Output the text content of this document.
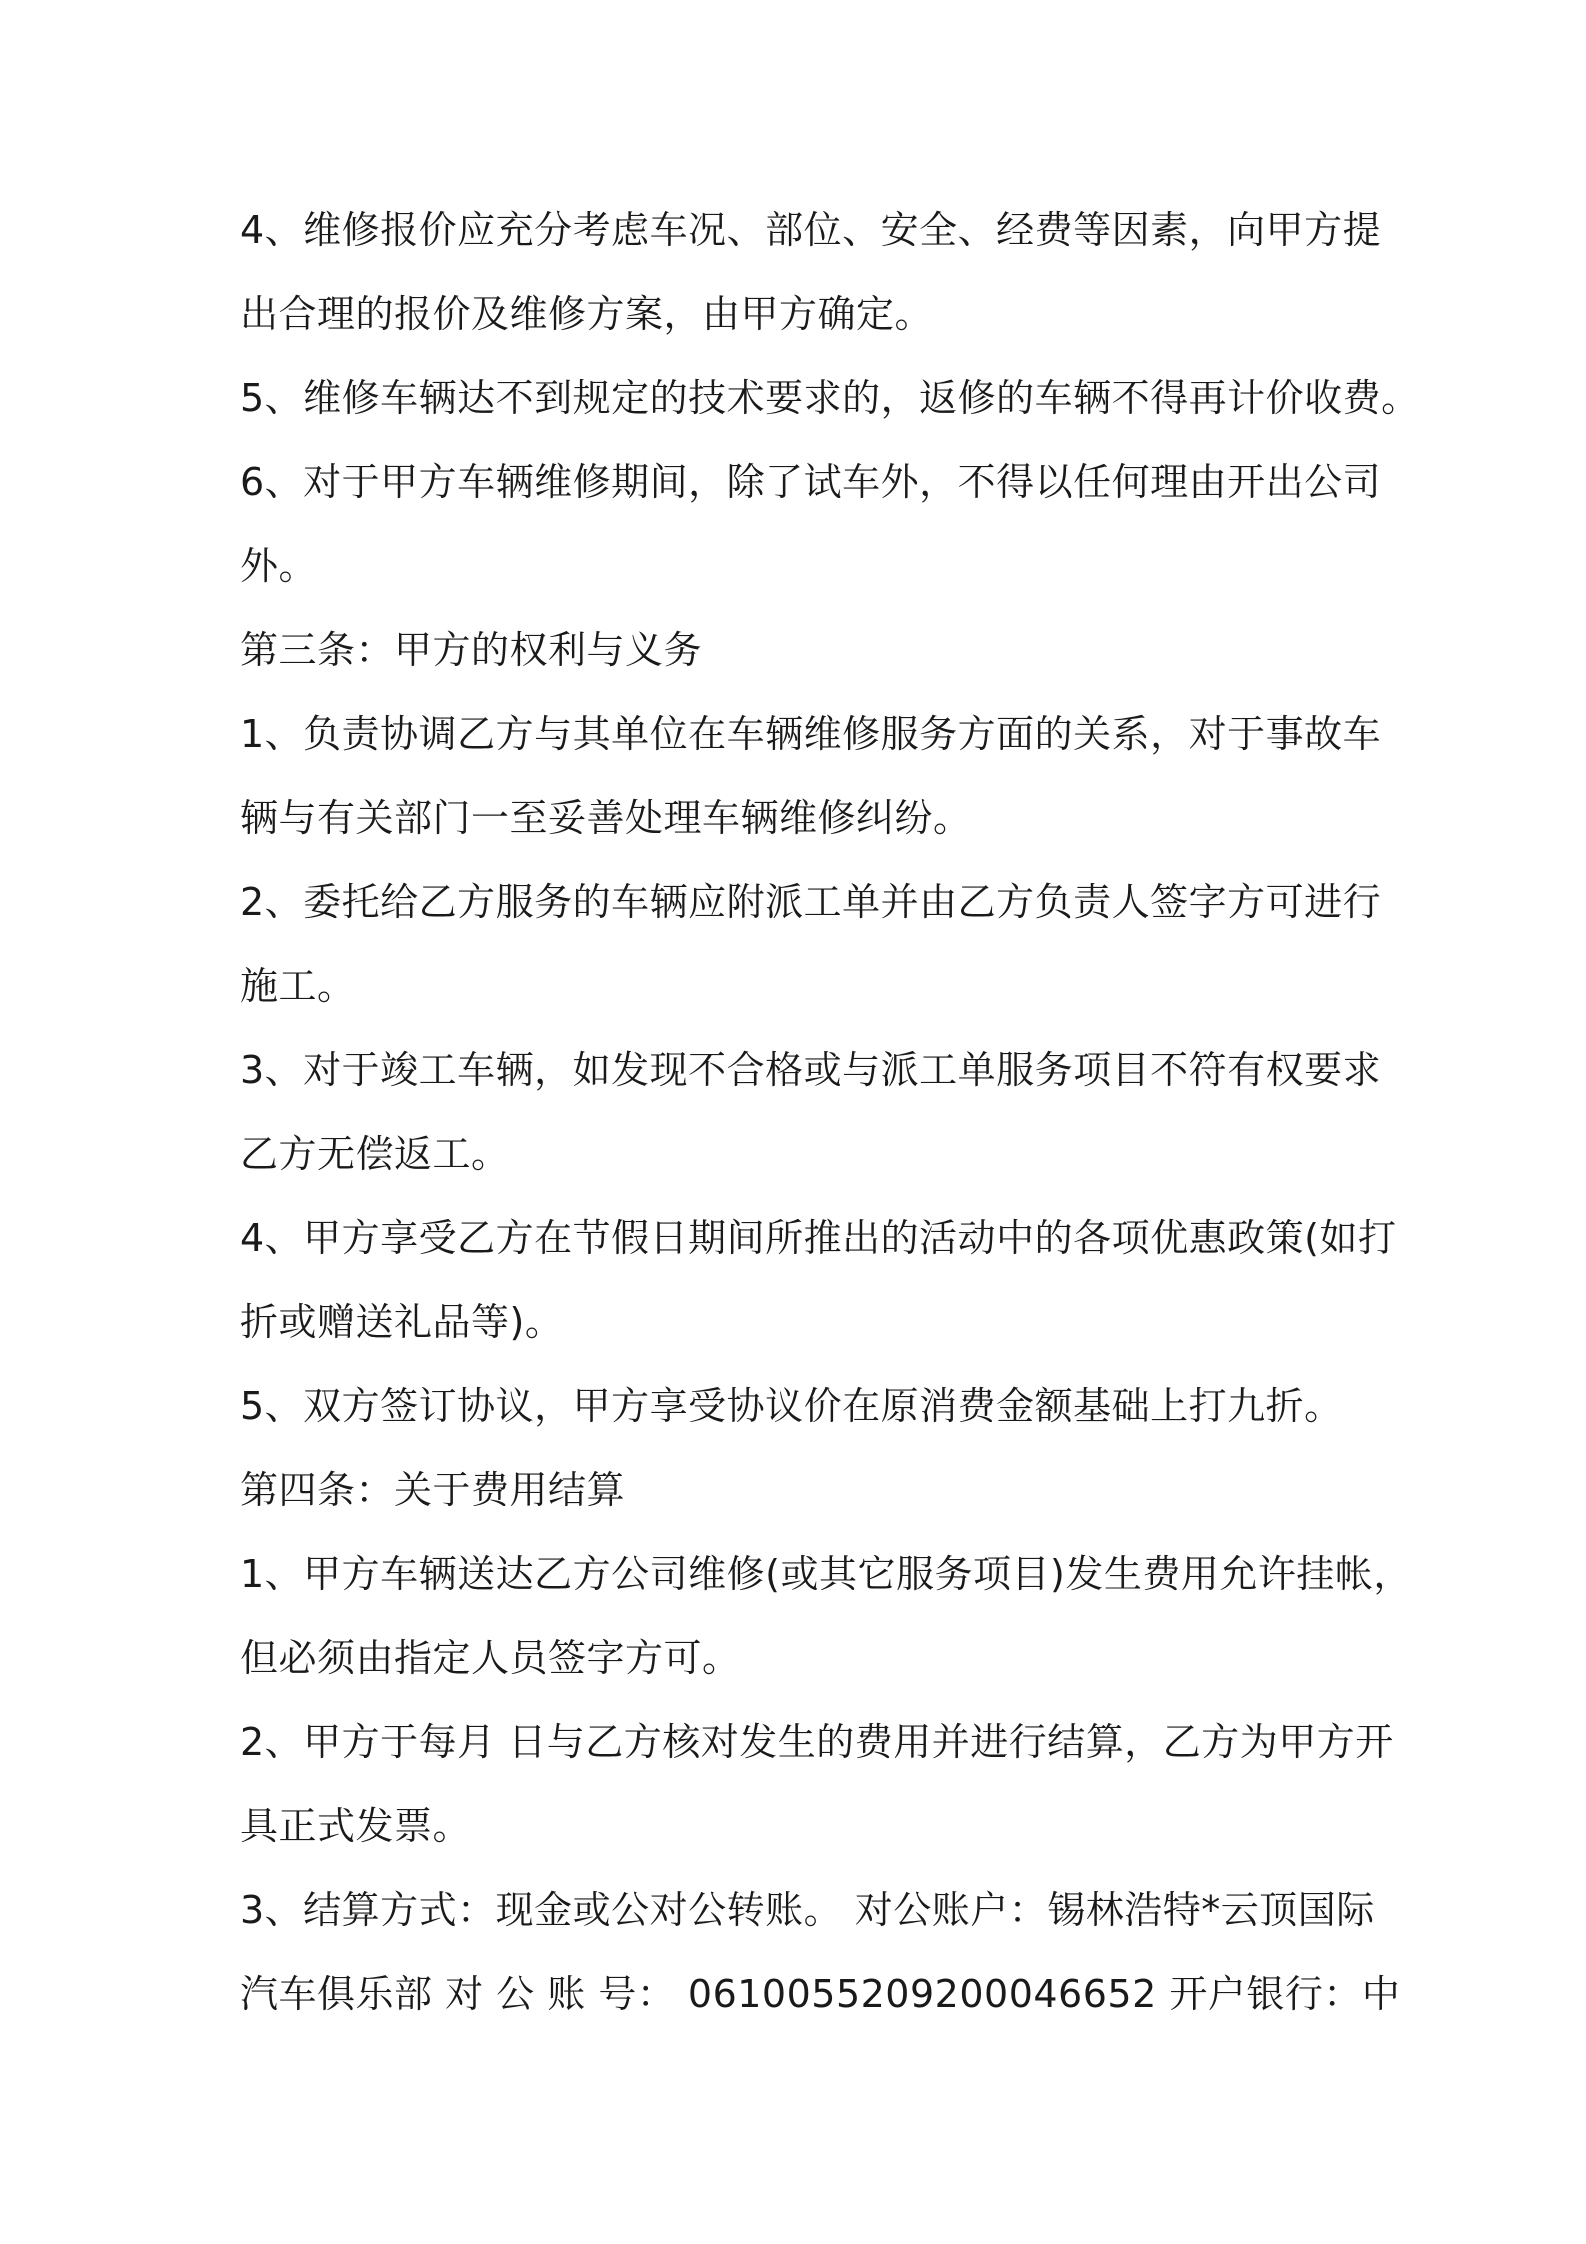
4、维修报价应充分考虑车况、部位、安全、经费等因素，向甲方提
出合理的报价及维修方案，由甲方确定。
5、维修车辆达不到规定的技术要求的，返修的车辆不得再计价收费。
6、对于甲方车辆维修期间，除了试车外，不得以任何理由开出公司
外。
第三条：甲方的权利与义务
1、负责协调乙方与其单位在车辆维修服务方面的关系，对于事故车
辆与有关部门一至妥善处理车辆维修纠纷。
2、委托给乙方服务的车辆应附派工单并由乙方负责人签字方可进行
施工。
3、对于竣工车辆，如发现不合格或与派工单服务项目不符有权要求
乙方无偿返工。
4、甲方享受乙方在节假日期间所推出的活动中的各项优惠政策(如打
折或赠送礼品等)。
5、双方签订协议，甲方享受协议价在原消费金额基础上打九折。
第四条：关于费用结算
1、甲方车辆送达乙方公司维修(或其它服务项目)发生费用允许挂帐，
但必须由指定人员签字方可。
2、甲方于每月 日与乙方核对发生的费用并进行结算，乙方为甲方开
具正式发票。
3、结算方式：现金或公对公转账。 对公账户：锡林浩特*云顶国际
汽车俱乐部 对 公 账 号： 0610055209200046652 开户银行：中
